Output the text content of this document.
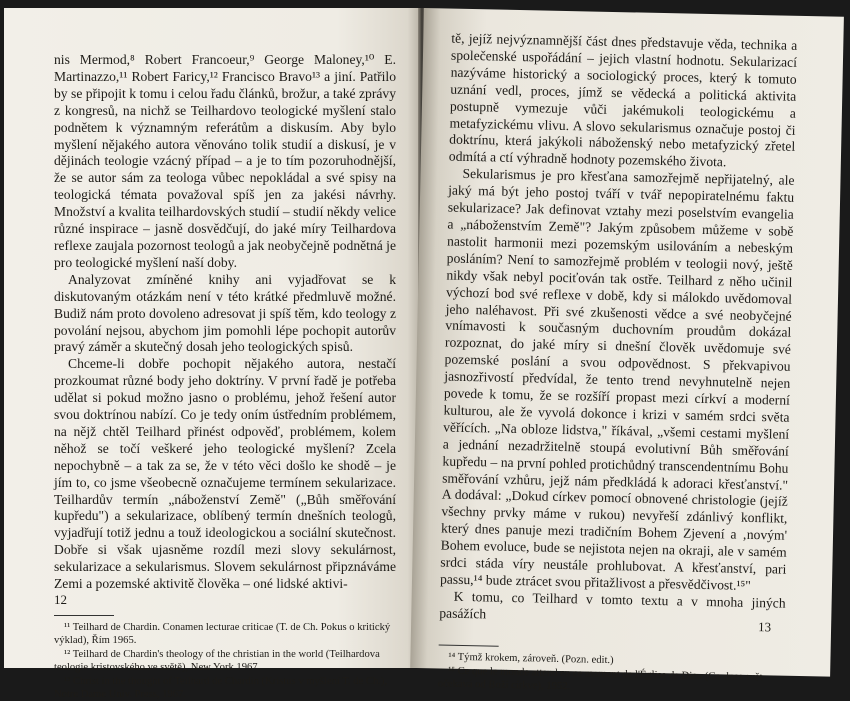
nis Mermod,⁸ Robert Francoeur,⁹ George Maloney,¹⁰ E. Martinazzo,¹¹ Robert Faricy,¹² Francisco Bravo¹³ a jiní. Patřilo by se připojit k tomu i celou řadu článků, brožur, a také zprávy z kongresů, na nichž se Teilhardovo teologické myšlení stalo podnětem k významným referátům a diskusím. Aby bylo myšlení nějakého autora věnováno tolik studií a diskusí, je v dějinách teologie vzácný případ – a je to tím pozoruhodnější, že se autor sám za teologa vůbec nepokládal a své spisy na teologická témata považoval spíš jen za jakési návrhy. Množství a kvalita teilhardovských studií – studií někdy velice různé inspirace – jasně dosvědčují, do jaké míry Teilhardova reflexe zaujala pozornost teologů a jak neobyčejně podnětná je pro teologické myšlení naší doby.

Analyzovat zmíněné knihy ani vyjadřovat se k diskutovaným otázkám není v této krátké předmluvě možné. Budiž nám proto dovoleno adresovat ji spíš těm, kdo teology z povolání nejsou, abychom jim pomohli lépe pochopit autorův pravý záměr a skutečný dosah jeho teologických spisů.

Chceme-li dobře pochopit nějakého autora, nestačí prozkoumat různé body jeho doktríny. V první řadě je potřeba udělat si pokud možno jasno o problému, jehož řešení autor svou doktrínou nabízí. Co je tedy oním ústředním problémem, na nějž chtěl Teilhard přinést odpověď, problémem, kolem něhož se točí veškeré jeho teologické myšlení? Zcela nepochybně – a tak za se, že v této věci došlo ke shodě – je jím to, co jsme všeobecně označujeme termínem sekularizace. Teilhardův termín „náboženství Země" („Bůh směřování kupředu") a sekularizace, oblíbený termín dnešních teologů, vyjadřují totiž jednu a touž ideologickou a sociální skutečnost. Dobře si však ujasněme rozdíl mezi slovy sekulárnost, sekularizace a sekularismus. Slovem sekulárnost připznáváme Zemi a pozemské aktivitě člověka – oné lidské aktivi-

¹¹ Teilhard de Chardin. Conamen lecturae criticae (T. de Ch. Pokus o kritický výklad), Řím 1965.

¹² Teilhard de Chardin's theology of the christian in the world (Teilhardova teologie kristovského ve světě), New York 1967.

¹³ Christ in the thought of Teilhard de Chardin (Kristus v myšlení T. de Ch.), Notre Dame Univ. Press, 1967.

12

tě, jejíž nejvýznamnější část dnes představuje věda, technika a společenské uspořádání – jejich vlastní hodnotu. Sekularizací nazýváme historický a sociologický proces, který k tomuto uznání vedl, proces, jímž se vědecká a politická aktivita postupně vymezuje vůči jakémukoli teologickému a metafyzickému vlivu. A slovo sekularismus označuje postoj či doktrínu, která jakýkoli náboženský nebo metafyzický zřetel odmítá a ctí výhradně hodnoty pozemského života.

Sekularismus je pro křesťana samozřejmě nepřijatelný, ale jaký má být jeho postoj tváří v tvář nepopiratelnému faktu sekularizace? Jak definovat vztahy mezi poselstvím evangelia a „náboženstvím Země"? Jakým způsobem můžeme v sobě nastolit harmonii mezi pozemským usilováním a nebeským posláním? Není to samozřejmě problém v teologii nový, ještě nikdy však nebyl pociťován tak ostře. Teilhard z něho učinil výchozí bod své reflexe v době, kdy si málokdo uvědomoval jeho naléhavost. Při své zkušenosti vědce a své neobyčejné vnímavosti k současným duchovním proudům dokázal rozpoznat, do jaké míry si dnešní člověk uvědomuje své pozemské poslání a svou odpovědnost. S překvapivou jasnozřivostí předvídal, že tento trend nevyhnutelně nejen povede k tomu, že se rozšíří propast mezi církví a moderní kulturou, ale že vyvolá dokonce i krizi v samém srdci světa věřících. „Na obloze lidstva," říkával, „všemi cestami myšlení a jednání nezadržitelně stoupá evolutivní Bůh směřování kupředu – na první pohled protichůdný transcendentnímu Bohu směřování vzhůru, jejž nám předkládá k adoraci křesťanství." A dodával: „Dokud církev pomocí obnovené christologie (jejíž všechny prvky máme v rukou) nevyřeší zdánlivý konflikt, který dnes panuje mezi tradičním Bohem Zjevení a ‚novým' Bohem evoluce, bude se nejistota nejen na okraji, ale v samém srdci stáda víry neustále prohlubovat. A křesťanství, pari passu,¹⁴ bude ztrácet svou přitažlivost a přesvědčivost.¹⁵"

K tomu, co Teilhard v tomto textu a v mnoha jiných pasážích

¹⁴ Týmž krokem, zároveň. (Pozn. edit.)

¹⁵ Ce que le monde attend en ce moment de l'Église de Dieu (Co dnes svět očekává od Boží církve), 1952.

13
